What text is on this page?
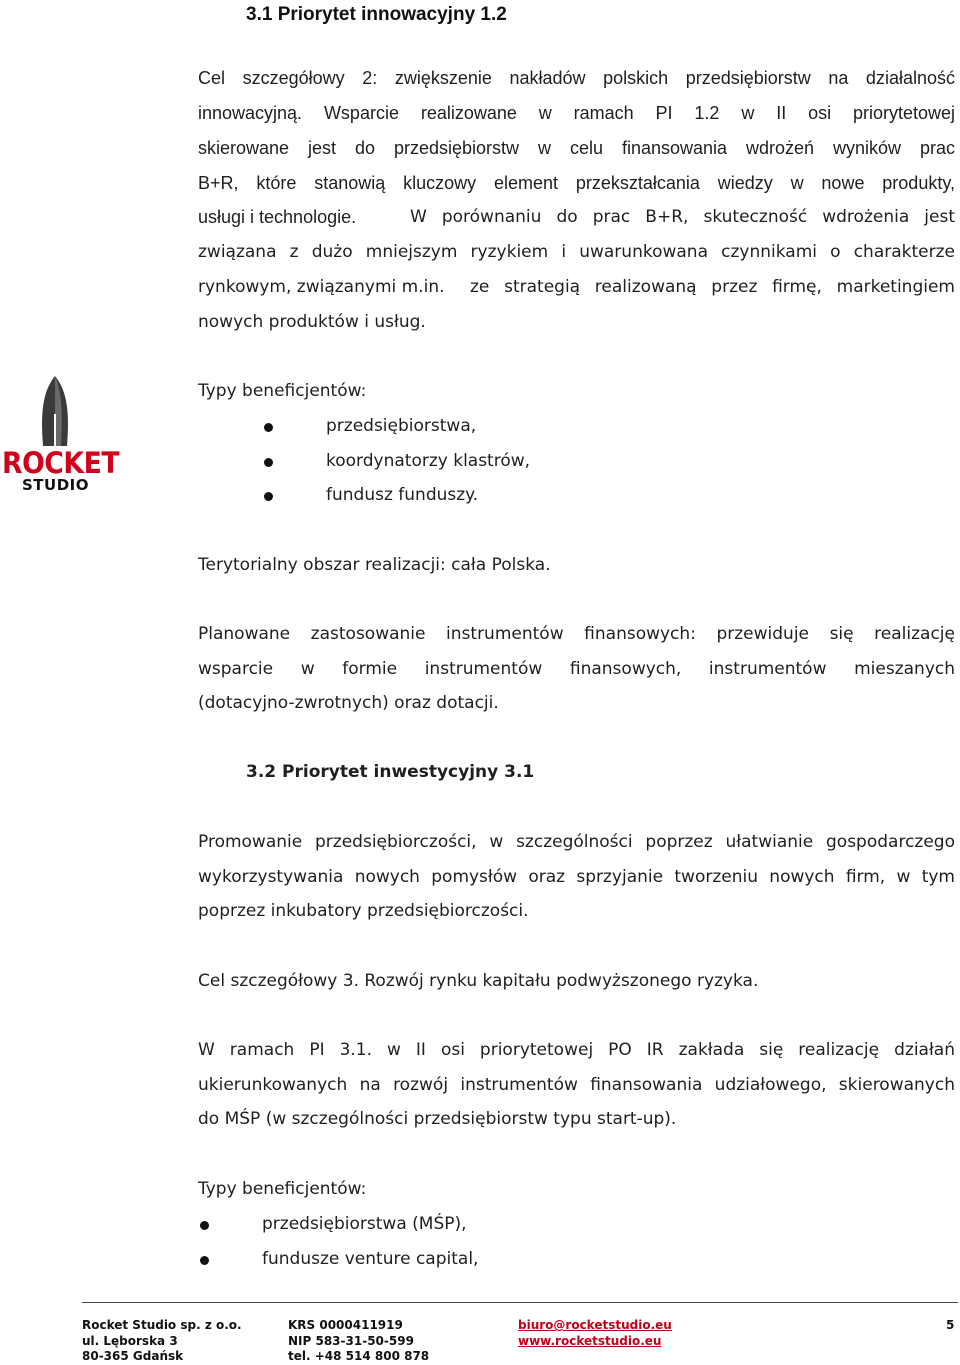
3.1 Priorytet innowacyjny 1.2
Cel szczegółowy 2: zwiększenie nakładów polskich przedsiębiorstw na działalność
innowacyjną. Wsparcie realizowane w ramach PI 1.2 w II osi priorytetowej
skierowane jest do przedsiębiorstw w celu finansowania wdrożeń wyników prac
B+R, które stanowią kluczowy element przekształcania wiedzy w nowe produkty,
usługi i technologie.	W porównaniu do prac B+R, skuteczność wdrożenia jest
związana z dużo mniejszym ryzykiem i uwarunkowana czynnikami o charakterze
rynkowym, związanymi m.in. ze strategią realizowaną przez firmę, marketingiem
nowych produktów i usług.
ROCKET
STUDIO
Typy beneficjentów:
przedsiębiorstwa,
koordynatorzy klastrów,
fundusz funduszy.
Terytorialny obszar realizacji: cała Polska.
Planowane zastosowanie instrumentów finansowych: przewiduje się realizację
wsparcie w formie instrumentów finansowych, instrumentów mieszanych
(dotacyjno-zwrotnych) oraz dotacji.
3.2 Priorytet inwestycyjny 3.1
Promowanie przedsiębiorczości, w szczególności poprzez ułatwianie gospodarczego
wykorzystywania nowych pomysłów oraz sprzyjanie tworzeniu nowych firm, w tym
poprzez inkubatory przedsiębiorczości.
Cel szczegółowy 3. Rozwój rynku kapitału podwyższonego ryzyka.
W ramach PI 3.1. w II osi priorytetowej PO IR zakłada się realizację działań
ukierunkowanych na rozwój instrumentów finansowania udziałowego, skierowanych
do MŚP (w szczególności przedsiębiorstw typu start-up).
Typy beneficjentów:
przedsiębiorstwa (MŚP),
fundusze venture capital,
Rocket Studio sp. z o.o.
ul. Lęborska 3
80-365 Gdańsk
KRS 0000411919
NIP 583-31-50-599
tel. +48 514 800 878
biuro@rocketstudio.eu
www.rocketstudio.eu
5
